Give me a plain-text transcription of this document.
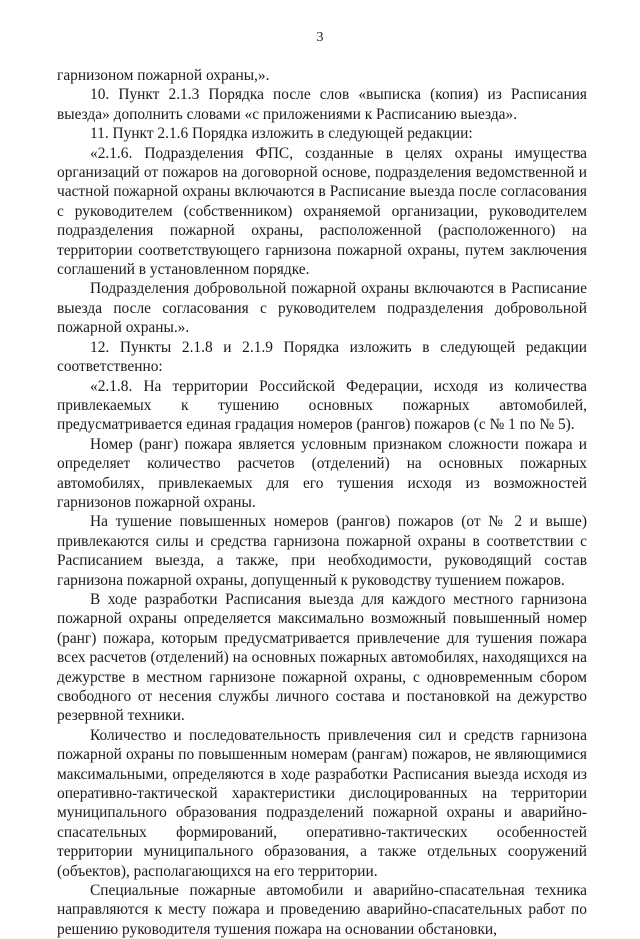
3

гарнизоном пожарной охраны,».

10. Пункт 2.1.3 Порядка после слов «выписка (копия) из Расписания выезда» дополнить словами «с приложениями к Расписанию выезда».

11. Пункт 2.1.6 Порядка изложить в следующей редакции:

«2.1.6. Подразделения ФПС, созданные в целях охраны имущества организаций от пожаров на договорной основе, подразделения ведомственной и частной пожарной охраны включаются в Расписание выезда после согласования с руководителем (собственником) охраняемой организации, руководителем подразделения пожарной охраны, расположенной (расположенного) на территории соответствующего гарнизона пожарной охраны, путем заключения соглашений в установленном порядке.

Подразделения добровольной пожарной охраны включаются в Расписание выезда после согласования с руководителем подразделения добровольной пожарной охраны.».

12. Пункты 2.1.8 и 2.1.9 Порядка изложить в следующей редакции соответственно:

«2.1.8. На территории Российской Федерации, исходя из количества привлекаемых к тушению основных пожарных автомобилей, предусматривается единая градация номеров (рангов) пожаров (с № 1 по № 5).

Номер (ранг) пожара является условным признаком сложности пожара и определяет количество расчетов (отделений) на основных пожарных автомобилях, привлекаемых для его тушения исходя из возможностей гарнизонов пожарной охраны.

На тушение повышенных номеров (рангов) пожаров (от № 2 и выше) привлекаются силы и средства гарнизона пожарной охраны в соответствии с Расписанием выезда, а также, при необходимости, руководящий состав гарнизона пожарной охраны, допущенный к руководству тушением пожаров.

В ходе разработки Расписания выезда для каждого местного гарнизона пожарной охраны определяется максимально возможный повышенный номер (ранг) пожара, которым предусматривается привлечение для тушения пожара всех расчетов (отделений) на основных пожарных автомобилях, находящихся на дежурстве в местном гарнизоне пожарной охраны, с одновременным сбором свободного от несения службы личного состава и постановкой на дежурство резервной техники.

Количество и последовательность привлечения сил и средств гарнизона пожарной охраны по повышенным номерам (рангам) пожаров, не являющимися максимальными, определяются в ходе разработки Расписания выезда исходя из оперативно-тактической характеристики дислоцированных на территории муниципального образования подразделений пожарной охраны и аварийно-спасательных формирований, оперативно-тактических особенностей территории муниципального образования, а также отдельных сооружений (объектов), располагающихся на его территории.

Специальные пожарные автомобили и аварийно-спасательная техника направляются к месту пожара и проведению аварийно-спасательных работ по решению руководителя тушения пожара на основании обстановки,
